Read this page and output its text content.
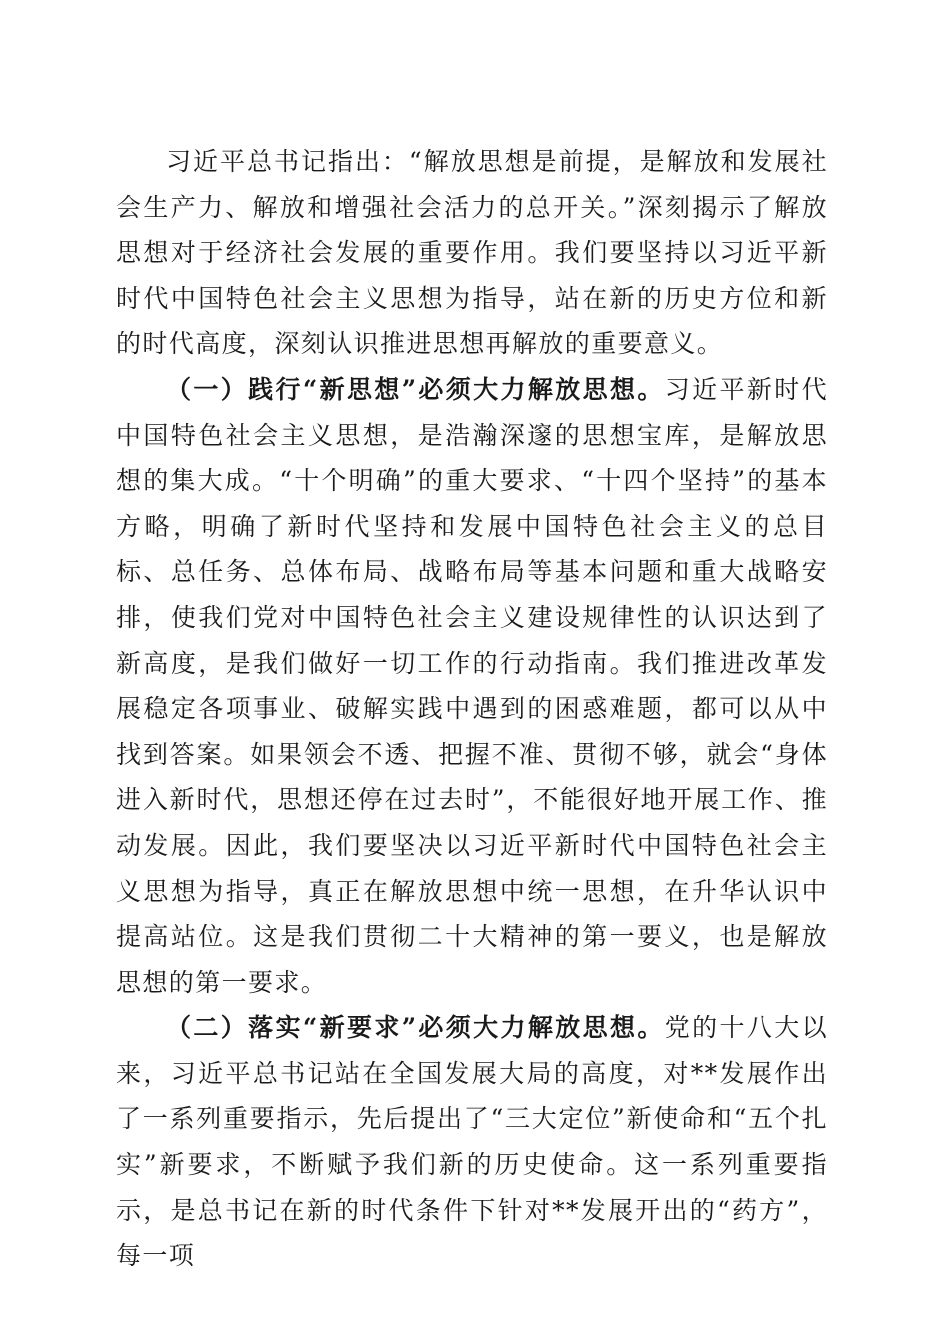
习近平总书记指出：“解放思想是前提，是解放和发展社会生产力、解放和增强社会活力的总开关。”深刻揭示了解放思想对于经济社会发展的重要作用。我们要坚持以习近平新时代中国特色社会主义思想为指导，站在新的历史方位和新的时代高度，深刻认识推进思想再解放的重要意义。

（一）践行“新思想”必须大力解放思想。习近平新时代中国特色社会主义思想，是浩瀚深邃的思想宝库，是解放思想的集大成。“十个明确”的重大要求、“十四个坚持”的基本方略，明确了新时代坚持和发展中国特色社会主义的总目标、总任务、总体布局、战略布局等基本问题和重大战略安排，使我们党对中国特色社会主义建设规律性的认识达到了新高度，是我们做好一切工作的行动指南。我们推进改革发展稳定各项事业、破解实践中遇到的困惑难题，都可以从中找到答案。如果领会不透、把握不准、贯彻不够，就会“身体进入新时代，思想还停在过去时”，不能很好地开展工作、推动发展。因此，我们要坚决以习近平新时代中国特色社会主义思想为指导，真正在解放思想中统一思想，在升华认识中提高站位。这是我们贯彻二十大精神的第一要义，也是解放思想的第一要求。

（二）落实“新要求”必须大力解放思想。党的十八大以来，习近平总书记站在全国发展大局的高度，对**发展作出了一系列重要指示，先后提出了“三大定位”新使命和“五个扎实”新要求，不断赋予我们新的历史使命。这一系列重要指示，是总书记在新的时代条件下针对**发展开出的“药方”，每一项
